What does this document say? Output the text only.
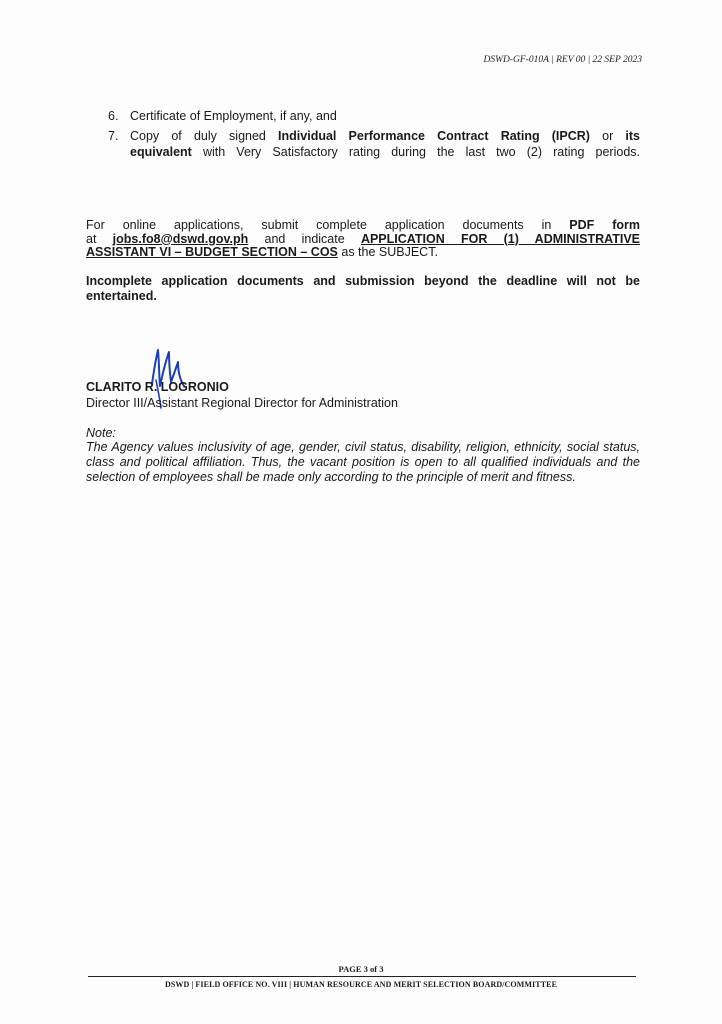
DSWD-GF-010A | REV 00 | 22 SEP 2023
6. Certificate of Employment, if any, and
7. Copy of duly signed Individual Performance Contract Rating (IPCR) or its
equivalent with Very Satisfactory rating during the last two (2) rating periods.
For online applications, submit complete application documents in PDF form
at jobs.fo8@dswd.gov.ph and indicate APPLICATION FOR (1) ADMINISTRATIVE
ASSISTANT VI – BUDGET SECTION – COS as the SUBJECT.
Incomplete application documents and submission beyond the deadline will not be
entertained.
CLARITO R. LOGRONIO
Director III/Assistant Regional Director for Administration
Note:
The Agency values inclusivity of age, gender, civil status, disability, religion, ethnicity, social status,
class and political affiliation. Thus, the vacant position is open to all qualified individuals and the
selection of employees shall be made only according to the principle of merit and fitness.
PAGE 3 of 3
DSWD | FIELD OFFICE NO. VIII | HUMAN RESOURCE AND MERIT SELECTION BOARD/COMMITTEE
